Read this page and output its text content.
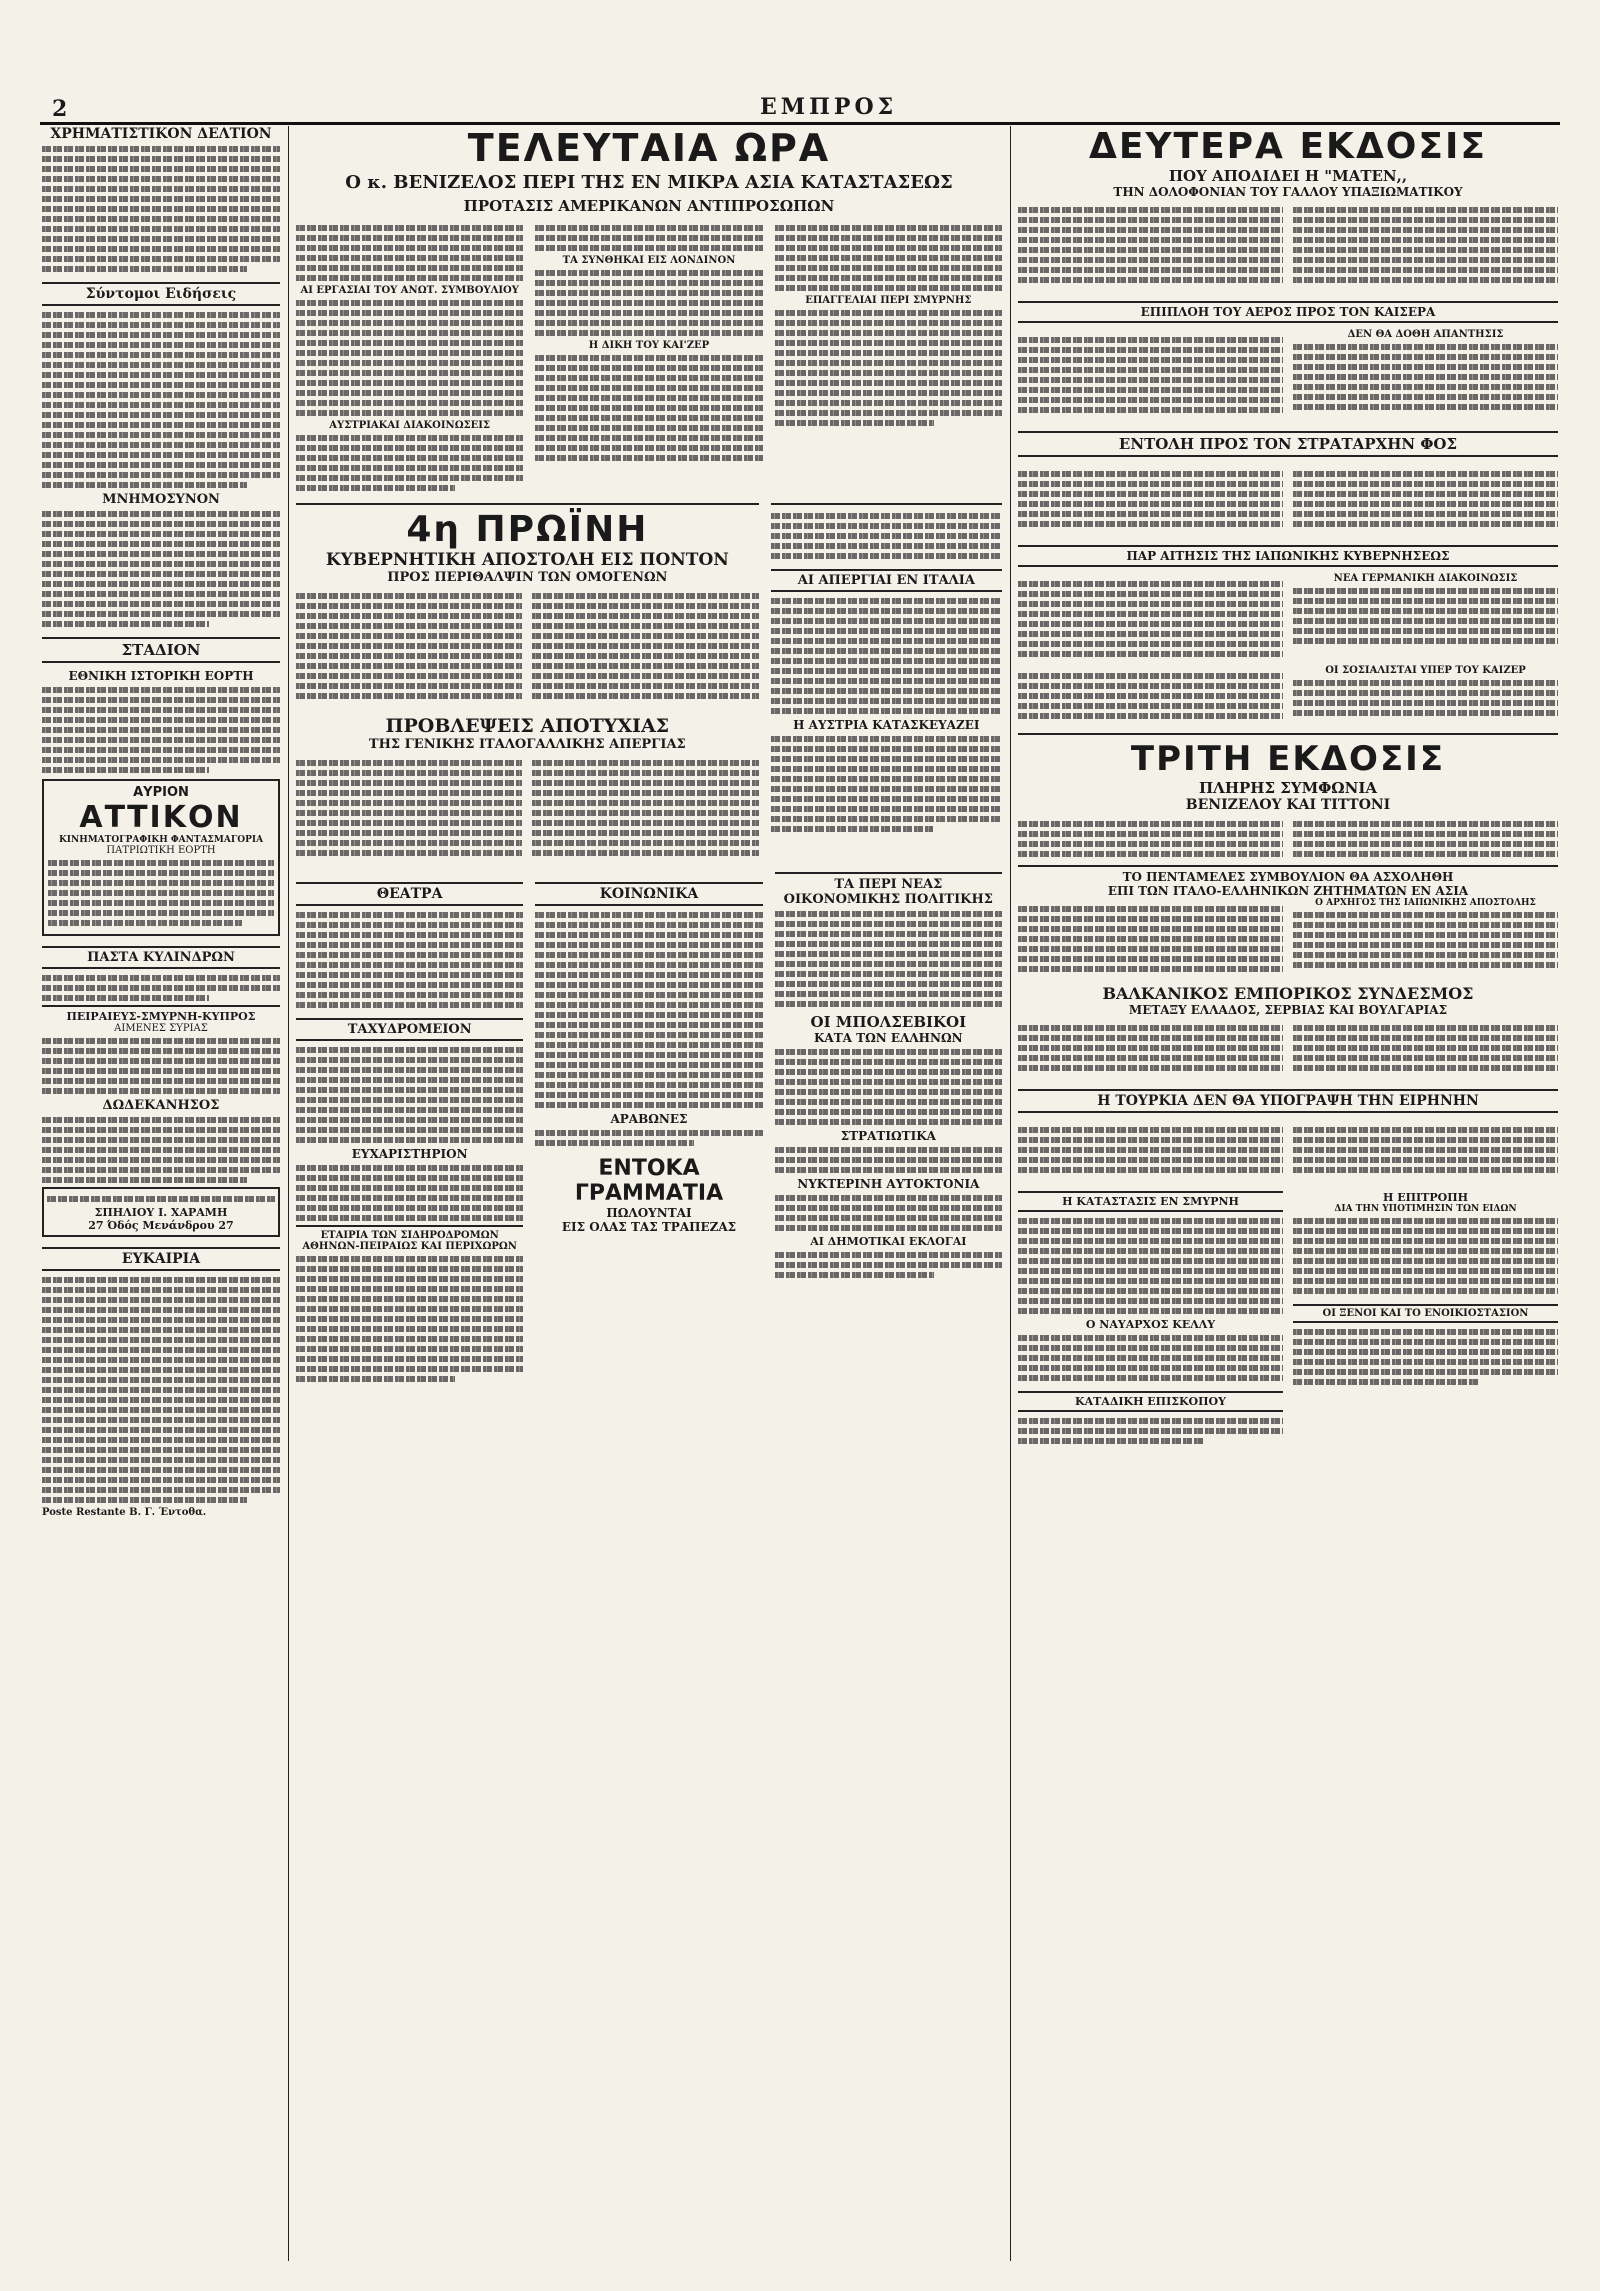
2	ΕΜΠΡΟΣ
ΧΡΗΜΑΤΙΣΤΙΚΟΝ ΔΕΛΤΙΟΝ
Σύντομοι Ειδήσεις
ΜΝΗΜΟΣΥΝΟΝ
ΣΤΑΔΙΟΝ
ΕΘΝΙΚΗ ΙΣΤΟΡΙΚΗ ΕΟΡΤΗ
ΑΥΡΙΟΝ
ΑΤΤΙΚΟΝ
ΚΙΝΗΜΑΤΟΓΡΑΦΙΚΗ ΦΑΝΤΑΣΜΑΓΟΡΙΑ
ΠΑΤΡΙΩΤΙΚΗ ΕΟΡΤΗ
ΠΑΣΤΑ ΚΥΛΙΝΔΡΩΝ
ΠΕΙΡΑΙΕΥΣ-ΣΜΥΡΝΗ-ΚΥΠΡΟΣ
ΑΙΜΕΝΕΣ ΣΥΡΙΑΣ
ΔΩΔΕΚΑΝΗΣΟΣ
ΣΠΗΛΙΟΥ Ι. ΧΑΡΑΜΗ
27 Όδός Μενάνδρου 27
ΕΥΚΑΙΡΙΑ
Poste Restante Β. Γ. Έντοθα.
ΤΕΛΕΥΤΑΙΑ ΩΡΑ
Ο κ. ΒΕΝΙΖΕΛΟΣ ΠΕΡΙ ΤΗΣ ΕΝ ΜΙΚΡΑ ΑΣΙΑ ΚΑΤΑΣΤΑΣΕΩΣ
ΠΡΟΤΑΣΙΣ ΑΜΕΡΙΚΑΝΩΝ ΑΝΤΙΠΡΟΣΩΠΩΝ
ΑΙ ΕΡΓΑΣΙΑΙ ΤΟΥ ΑΝΩΤ. ΣΥΜΒΟΥΛΙΟΥ
ΑΥΣΤΡΙΑΚΑΙ ΔΙΑΚΟΙΝΩΣΕΙΣ
ΤΑ ΣΥΝΘΗΚΑΙ ΕΙΣ ΛΟΝΔΙΝΟΝ
Η ΔΙΚΗ ΤΟΥ ΚΑΙ'ΖΕΡ
ΕΠΑΓΓΕΛΙΑΙ ΠΕΡΙ ΣΜΥΡΝΗΣ
4η ΠΡΩΪΝΗ
ΚΥΒΕΡΝΗΤΙΚΗ ΑΠΟΣΤΟΛΗ ΕΙΣ ΠΟΝΤΟΝ
ΠΡΟΣ ΠΕΡΙΘΑΛΨΙΝ ΤΩΝ ΟΜΟΓΕΝΩΝ
ΠΡΟΒΛΕΨΕΙΣ ΑΠΟΤΥΧΙΑΣ
ΤΗΣ ΓΕΝΙΚΗΣ ΙΤΑΛΟΓΑΛΛΙΚΗΣ ΑΠΕΡΓΙΑΣ
ΑΙ ΑΠΕΡΓΙΑΙ ΕΝ ΙΤΑΛΙΑ
Η ΑΥΣΤΡΙΑ ΚΑΤΑΣΚΕΥΑΖΕΙ
ΘΕΑΤΡΑ
ΤΑΧΥΔΡΟΜΕΙΟΝ
ΕΥΧΑΡΙΣΤΗΡΙΟΝ
ΕΤΑΙΡΙΑ ΤΩΝ ΣΙΔΗΡΟΔΡΟΜΩΝ ΑΘΗΝΩΝ-ΠΕΙΡΑΙΩΣ ΚΑΙ ΠΕΡΙΧΩΡΩΝ
ΚΟΙΝΩΝΙΚΑ
ΑΡΑΒΩΝΕΣ
ΕΝΤΟΚΑ ΓΡΑΜΜΑΤΙΑ
ΠΩΛΟΥΝΤΑΙ
ΕΙΣ ΟΛΑΣ ΤΑΣ ΤΡΑΠΕΖΑΣ
ΤΑ ΠΕΡΙ ΝΕΑΣ
ΟΙΚΟΝΟΜΙΚΗΣ ΠΟΛΙΤΙΚΗΣ
ΟΙ ΜΠΟΛΣΕΒΙΚΟΙ
ΚΑΤΑ ΤΩΝ ΕΛΛΗΝΩΝ
ΣΤΡΑΤΙΩΤΙΚΑ
ΝΥΚΤΕΡΙΝΗ ΑΥΤΟΚΤΟΝΙΑ
ΑΙ ΔΗΜΟΤΙΚΑΙ ΕΚΛΟΓΑΙ
ΔΕΥΤΕΡΑ ΕΚΔΟΣΙΣ
ΠΟΥ ΑΠΟΔΙΔΕΙ Η "ΜΑΤΕΝ,,
ΤΗΝ ΔΟΛΟΦΟΝΙΑΝ ΤΟΥ ΓΑΛΛΟΥ ΥΠΑΞΙΩΜΑΤΙΚΟΥ
ΕΠΙΠΛΟΗ ΤΟΥ ΑΕΡΟΣ ΠΡΟΣ ΤΟΝ ΚΑΙΣΕΡΑ
ΔΕΝ ΘΑ ΔΟΘΗ ΑΠΑΝΤΗΣΙΣ
ΕΝΤΟΛΗ ΠΡΟΣ ΤΟΝ ΣΤΡΑΤΑΡΧΗΝ ΦΟΣ
ΠΑΡ ΑΙΤΗΣΙΣ ΤΗΣ ΙΑΠΩΝΙΚΗΣ ΚΥΒΕΡΝΗΣΕΩΣ
ΝΕΑ ΓΕΡΜΑΝΙΚΗ ΔΙΑΚΟΙΝΩΣΙΣ
ΟΙ ΣΟΣΙΑΛΙΣΤΑΙ ΥΠΕΡ ΤΟΥ ΚΑΙΖΕΡ
ΤΡΙΤΗ ΕΚΔΟΣΙΣ
ΠΛΗΡΗΣ ΣΥΜΦΩΝΙΑ
ΒΕΝΙΖΕΛΟΥ ΚΑΙ ΤΙΤΤΟΝΙ
ΤΟ ΠΕΝΤΑΜΕΛΕΣ ΣΥΜΒΟΥΛΙΟΝ ΘΑ ΑΣΧΟΛΗΘΗ
ΕΠΙ ΤΩΝ ΙΤΑΛΟ-ΕΛΛΗΝΙΚΩΝ ΖΗΤΗΜΑΤΩΝ ΕΝ ΑΣΙΑ
Ο ΑΡΧΗΓΟΣ ΤΗΣ ΙΑΠΩΝΙΚΗΣ ΑΠΟΣΤΟΛΗΣ
ΒΑΛΚΑΝΙΚΟΣ ΕΜΠΟΡΙΚΟΣ ΣΥΝΔΕΣΜΟΣ
ΜΕΤΑΞΥ ΕΛΛΑΔΟΣ, ΣΕΡΒΙΑΣ ΚΑΙ ΒΟΥΛΓΑΡΙΑΣ
Η ΤΟΥΡΚΙΑ ΔΕΝ ΘΑ ΥΠΟΓΡΑΨΗ ΤΗΝ ΕΙΡΗΝΗΝ
Η ΚΑΤΑΣΤΑΣΙΣ ΕΝ ΣΜΥΡΝΗ
Ο ΝΑΥΑΡΧΟΣ ΚΕΛΛΥ
ΚΑΤΑΔΙΚΗ ΕΠΙΣΚΟΠΟΥ
Η ΕΠΙΤΡΟΠΗ
ΔΙΑ ΤΗΝ ΥΠΟΤΙΜΗΣΙΝ ΤΩΝ ΕΙΔΩΝ
ΟΙ ΞΕΝΟΙ ΚΑΙ ΤΟ ΕΝΟΙΚΙΟΣΤΑΣΙΟΝ
